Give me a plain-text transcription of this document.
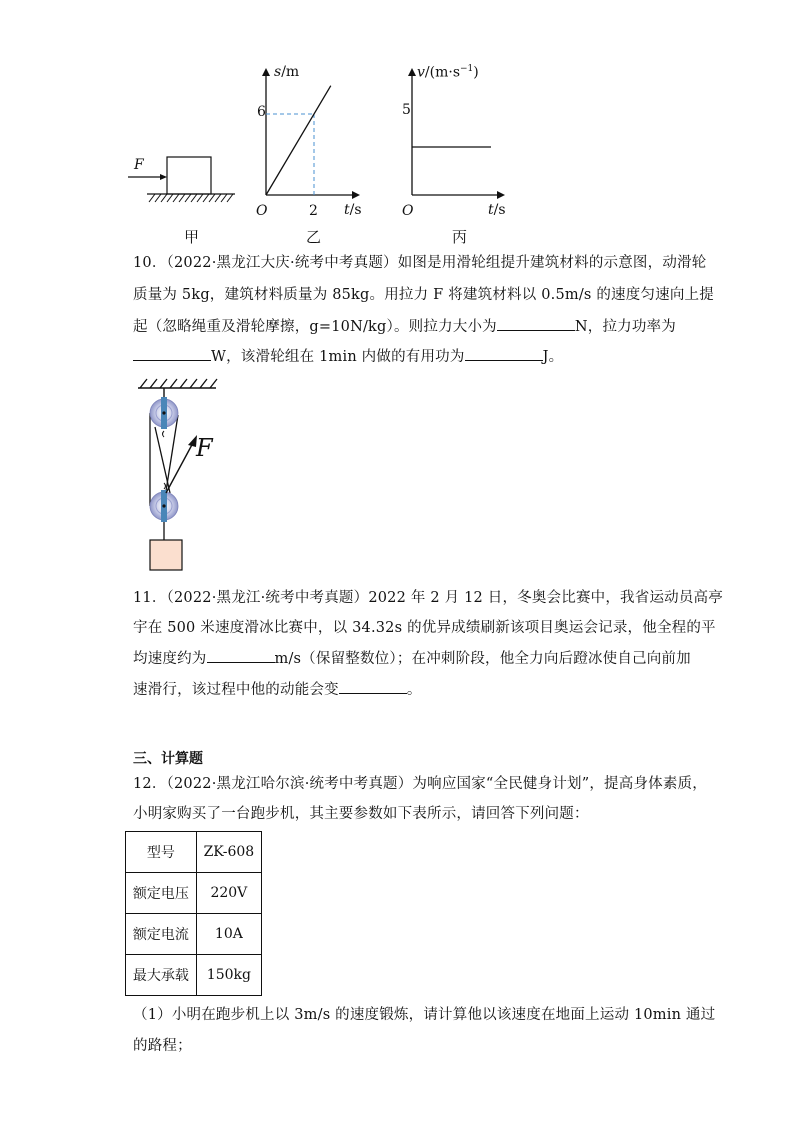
F
甲
s/m
6
O	2 t/s
乙
$v/(m\cdot s^{-1})$
5
O	t/s
丙
10．（2022·黑龙江大庆·统考中考真题）如图是用滑轮组提升建筑材料的示意图，动滑轮
质量为 5kg，建筑材料质量为 85kg。用拉力 F 将建筑材料以 0.5m/s 的速度匀速向上提
起（忽略绳重及滑轮摩擦，g=10N/kg）。则拉力大小为	N，拉力功率为
W，该滑轮组在 1min 内做的有用功为	J。
F
11．（2022·黑龙江·统考中考真题）2022 年 2 月 12 日，冬奥会比赛中，我省运动员高亭
宇在 500 米速度滑冰比赛中，以 34.32s 的优异成绩刷新该项目奥运会记录，他全程的平
均速度约为	m/s（保留整数位）；在冲刺阶段，他全力向后蹬冰使自己向前加
速滑行，该过程中他的动能会变	。
三、计算题
12．（2022·黑龙江哈尔滨·统考中考真题）为响应国家“全民健身计划”，提高身体素质，
小明家购买了一台跑步机，其主要参数如下表所示，请回答下列问题：
型号	ZK-608
额定电压	220V
额定电流	10A
最大承载	150kg
（1）小明在跑步机上以 3m/s 的速度锻炼，请计算他以该速度在地面上运动 10min 通过
的路程；
